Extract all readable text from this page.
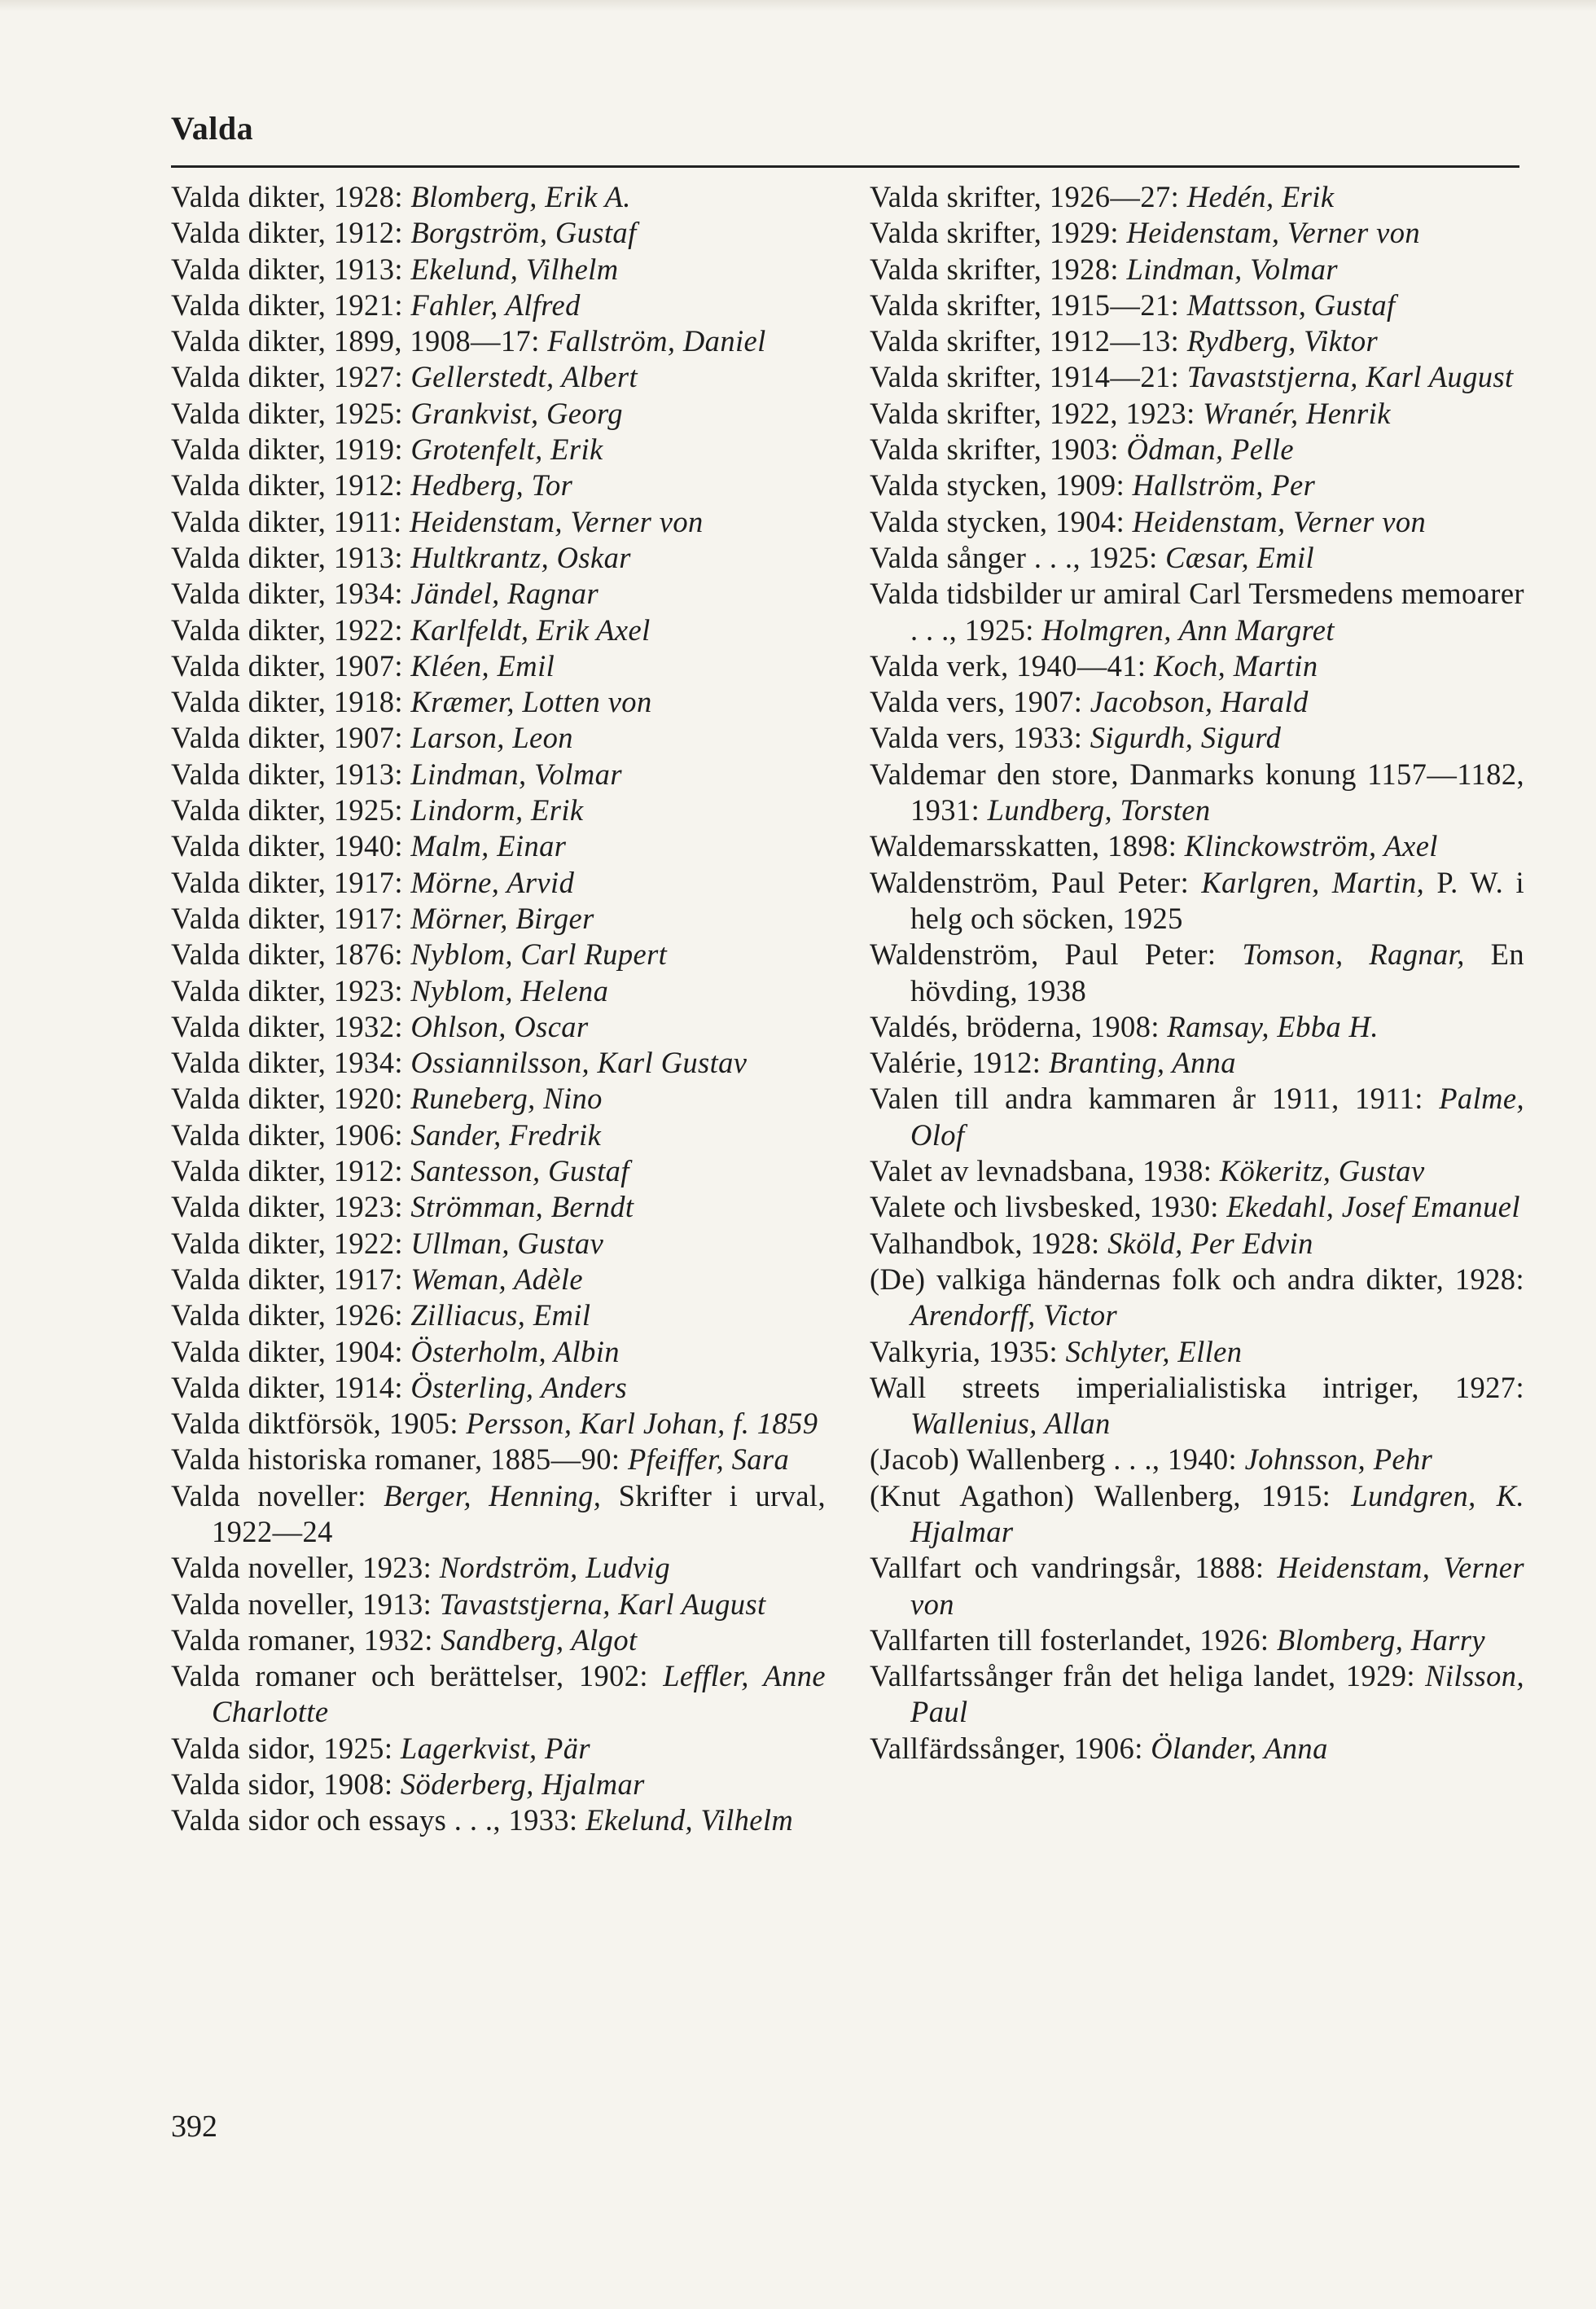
Valda
Valda dikter, 1928: Blomberg, Erik A.
Valda dikter, 1912: Borgström, Gustaf
Valda dikter, 1913: Ekelund, Vilhelm
Valda dikter, 1921: Fahler, Alfred
Valda dikter, 1899, 1908—17: Fallström, Daniel
Valda dikter, 1927: Gellerstedt, Albert
Valda dikter, 1925: Grankvist, Georg
Valda dikter, 1919: Grotenfelt, Erik
Valda dikter, 1912: Hedberg, Tor
Valda dikter, 1911: Heidenstam, Verner von
Valda dikter, 1913: Hultkrantz, Oskar
Valda dikter, 1934: Jändel, Ragnar
Valda dikter, 1922: Karlfeldt, Erik Axel
Valda dikter, 1907: Kléen, Emil
Valda dikter, 1918: Kræmer, Lotten von
Valda dikter, 1907: Larson, Leon
Valda dikter, 1913: Lindman, Volmar
Valda dikter, 1925: Lindorm, Erik
Valda dikter, 1940: Malm, Einar
Valda dikter, 1917: Mörne, Arvid
Valda dikter, 1917: Mörner, Birger
Valda dikter, 1876: Nyblom, Carl Rupert
Valda dikter, 1923: Nyblom, Helena
Valda dikter, 1932: Ohlson, Oscar
Valda dikter, 1934: Ossiannilsson, Karl Gustav
Valda dikter, 1920: Runeberg, Nino
Valda dikter, 1906: Sander, Fredrik
Valda dikter, 1912: Santesson, Gustaf
Valda dikter, 1923: Strömman, Berndt
Valda dikter, 1922: Ullman, Gustav
Valda dikter, 1917: Weman, Adèle
Valda dikter, 1926: Zilliacus, Emil
Valda dikter, 1904: Österholm, Albin
Valda dikter, 1914: Österling, Anders
Valda diktförsök, 1905: Persson, Karl Johan, f. 1859
Valda historiska romaner, 1885—90: Pfeiffer, Sara
Valda noveller: Berger, Henning, Skrifter i urval, 1922—24
Valda noveller, 1923: Nordström, Ludvig
Valda noveller, 1913: Tavaststjerna, Karl August
Valda romaner, 1932: Sandberg, Algot
Valda romaner och berättelser, 1902: Leffler, Anne Charlotte
Valda sidor, 1925: Lagerkvist, Pär
Valda sidor, 1908: Söderberg, Hjalmar
Valda sidor och essays . . ., 1933: Ekelund, Vilhelm
Valda skrifter, 1926—27: Hedén, Erik
Valda skrifter, 1929: Heidenstam, Verner von
Valda skrifter, 1928: Lindman, Volmar
Valda skrifter, 1915—21: Mattsson, Gustaf
Valda skrifter, 1912—13: Rydberg, Viktor
Valda skrifter, 1914—21: Tavaststjerna, Karl August
Valda skrifter, 1922, 1923: Wranér, Henrik
Valda skrifter, 1903: Ödman, Pelle
Valda stycken, 1909: Hallström, Per
Valda stycken, 1904: Heidenstam, Verner von
Valda sånger . . ., 1925: Cæsar, Emil
Valda tidsbilder ur amiral Carl Tersmedens memoarer . . ., 1925: Holmgren, Ann Margret
Valda verk, 1940—41: Koch, Martin
Valda vers, 1907: Jacobson, Harald
Valda vers, 1933: Sigurdh, Sigurd
Valdemar den store, Danmarks konung 1157—1182, 1931: Lundberg, Torsten
Waldemarsskatten, 1898: Klinckowström, Axel
Waldenström, Paul Peter: Karlgren, Martin, P. W. i helg och söcken, 1925
Waldenström, Paul Peter: Tomson, Ragnar, En hövding, 1938
Valdés, bröderna, 1908: Ramsay, Ebba H.
Valérie, 1912: Branting, Anna
Valen till andra kammaren år 1911, 1911: Palme, Olof
Valet av levnadsbana, 1938: Kökeritz, Gustav
Valete och livsbesked, 1930: Ekedahl, Josef Emanuel
Valhandbok, 1928: Sköld, Per Edvin
(De) valkiga händernas folk och andra dikter, 1928: Arendorff, Victor
Valkyria, 1935: Schlyter, Ellen
Wall streets imperialialistiska intriger, 1927: Wallenius, Allan
(Jacob) Wallenberg . . ., 1940: Johnsson, Pehr
(Knut Agathon) Wallenberg, 1915: Lundgren, K. Hjalmar
Vallfart och vandringsår, 1888: Heidenstam, Verner von
Vallfarten till fosterlandet, 1926: Blomberg, Harry
Vallfartssånger från det heliga landet, 1929: Nilsson, Paul
Vallfärdssånger, 1906: Ölander, Anna
392
